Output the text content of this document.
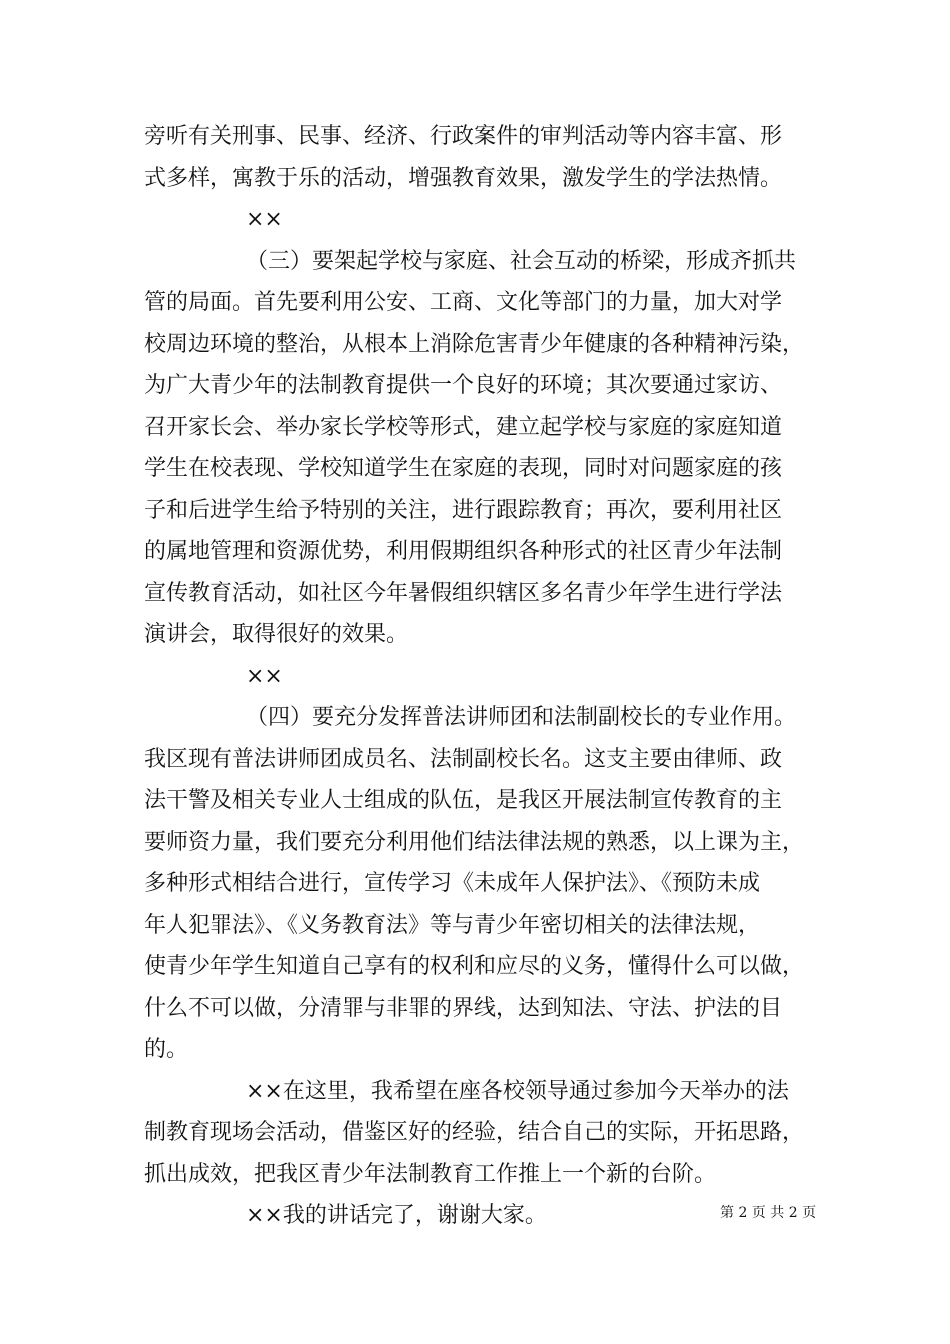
旁听有关刑事、民事、经济、行政案件的审判活动等内容丰富、形
式多样，寓教于乐的活动，增强教育效果，激发学生的学法热情。
××
（三）要架起学校与家庭、社会互动的桥梁，形成齐抓共
管的局面。首先要利用公安、工商、文化等部门的力量，加大对学
校周边环境的整治，从根本上消除危害青少年健康的各种精神污染，
为广大青少年的法制教育提供一个良好的环境；其次要通过家访、
召开家长会、举办家长学校等形式，建立起学校与家庭的家庭知道
学生在校表现、学校知道学生在家庭的表现，同时对问题家庭的孩
子和后进学生给予特别的关注，进行跟踪教育；再次，要利用社区
的属地管理和资源优势，利用假期组织各种形式的社区青少年法制
宣传教育活动，如社区今年暑假组织辖区多名青少年学生进行学法
演讲会，取得很好的效果。
××
（四）要充分发挥普法讲师团和法制副校长的专业作用。
我区现有普法讲师团成员名、法制副校长名。这支主要由律师、政
法干警及相关专业人士组成的队伍，是我区开展法制宣传教育的主
要师资力量，我们要充分利用他们结法律法规的熟悉，以上课为主，
多种形式相结合进行，宣传学习《未成年人保护法》、《预防未成
年人犯罪法》、《义务教育法》等与青少年密切相关的法律法规，
使青少年学生知道自己享有的权利和应尽的义务，懂得什么可以做，
什么不可以做，分清罪与非罪的界线，达到知法、守法、护法的目
的。
××在这里，我希望在座各校领导通过参加今天举办的法
制教育现场会活动，借鉴区好的经验，结合自己的实际，开拓思路，
抓出成效，把我区青少年法制教育工作推上一个新的台阶。
××我的讲话完了，谢谢大家。	第 2 页 共 2 页
